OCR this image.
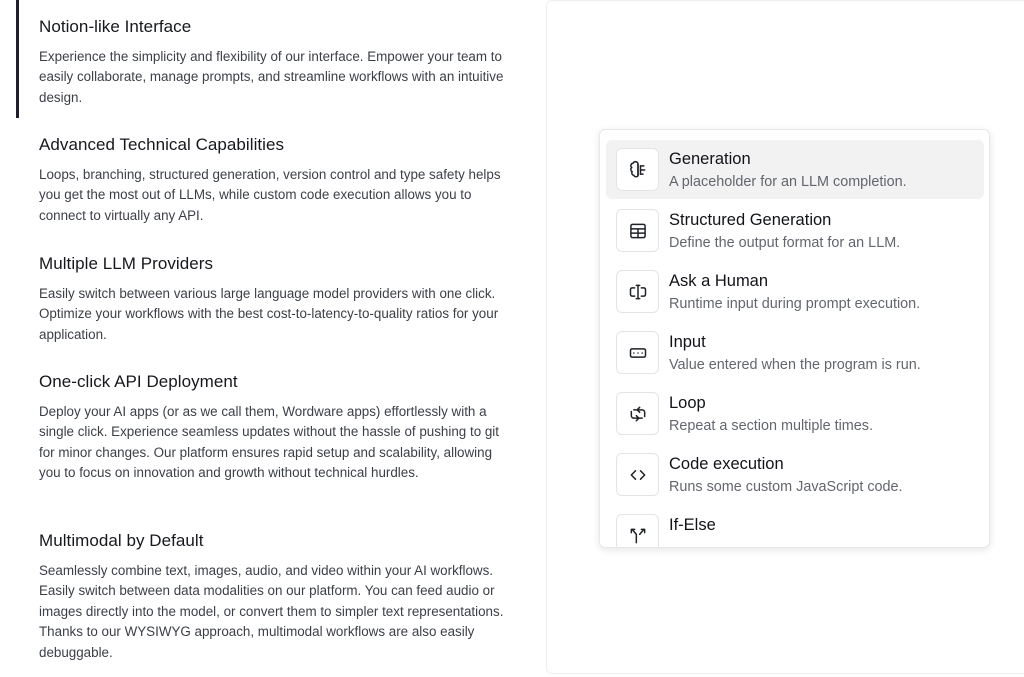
Notion-like Interface

Experience the simplicity and flexibility of our interface. Empower your team to easily collaborate, manage prompts, and streamline workflows with an intuitive design.

Advanced Technical Capabilities

Loops, branching, structured generation, version control and type safety helps you get the most out of LLMs, while custom code execution allows you to connect to virtually any API.

Multiple LLM Providers

Easily switch between various large language model providers with one click. Optimize your workflows with the best cost-to-latency-to-quality ratios for your application.

One-click API Deployment

Deploy your AI apps (or as we call them, Wordware apps) effortlessly with a single click. Experience seamless updates without the hassle of pushing to git for minor changes. Our platform ensures rapid setup and scalability, allowing you to focus on innovation and growth without technical hurdles.

Multimodal by Default

Seamlessly combine text, images, audio, and video within your AI workflows. Easily switch between data modalities on our platform. You can feed audio or images directly into the model, or convert them to simpler text representations. Thanks to our WYSIWYG approach, multimodal workflows are also easily debuggable.

Generation
A placeholder for an LLM completion.
Structured Generation
Define the output format for an LLM.
Ask a Human
Runtime input during prompt execution.
Input
Value entered when the program is run.
Loop
Repeat a section multiple times.
Code execution
Runs some custom JavaScript code.
If-Else
